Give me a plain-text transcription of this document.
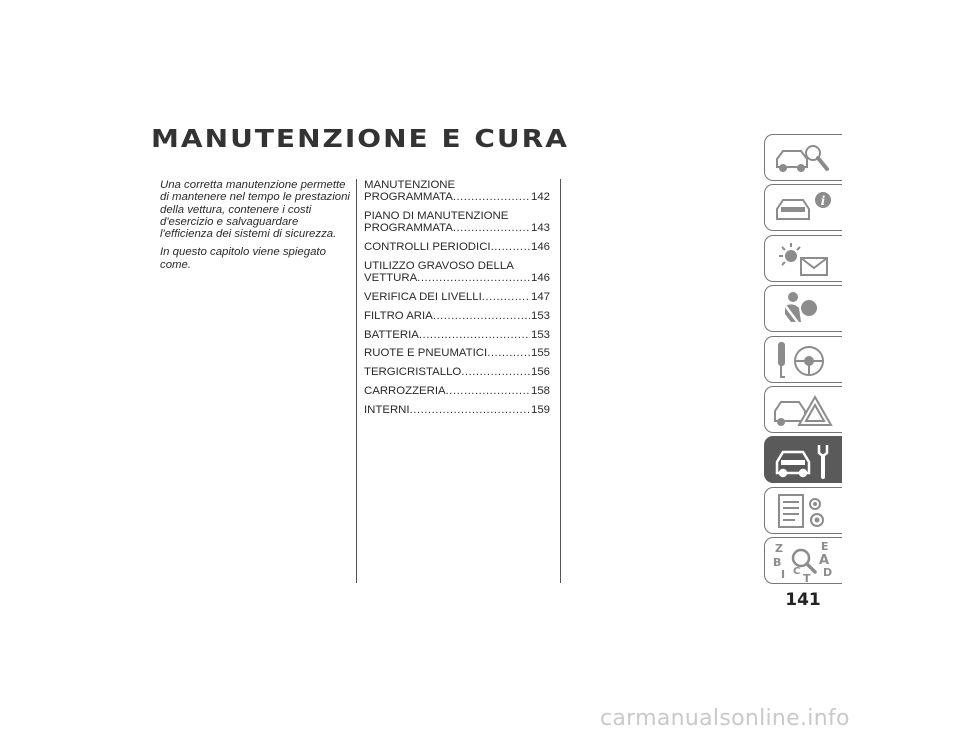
MANUTENZIONE E CURA

Una corretta manutenzione permette di mantenere nel tempo le prestazioni della vettura, contenere i costi d'esercizio e salvaguardare l'efficienza dei sistemi di sicurezza.

In questo capitolo viene spiegato come.

MANUTENZIONE
PROGRAMMATA .....	142
PIANO DI MANUTENZIONE
PROGRAMMATA .....	143
CONTROLLI PERIODICI .....	146
UTILIZZO GRAVOSO DELLA
VETTURA .....	146
VERIFICA DEI LIVELLI .....	147
FILTRO ARIA .....	153
BATTERIA .....	153
RUOTE E PNEUMATICI .....	155
TERGICRISTALLO .....	156
CARROZZERIA .....	158
INTERNI .....	159
i
Z	E
B	A
I C
T D
141
carmanualsonline.info
